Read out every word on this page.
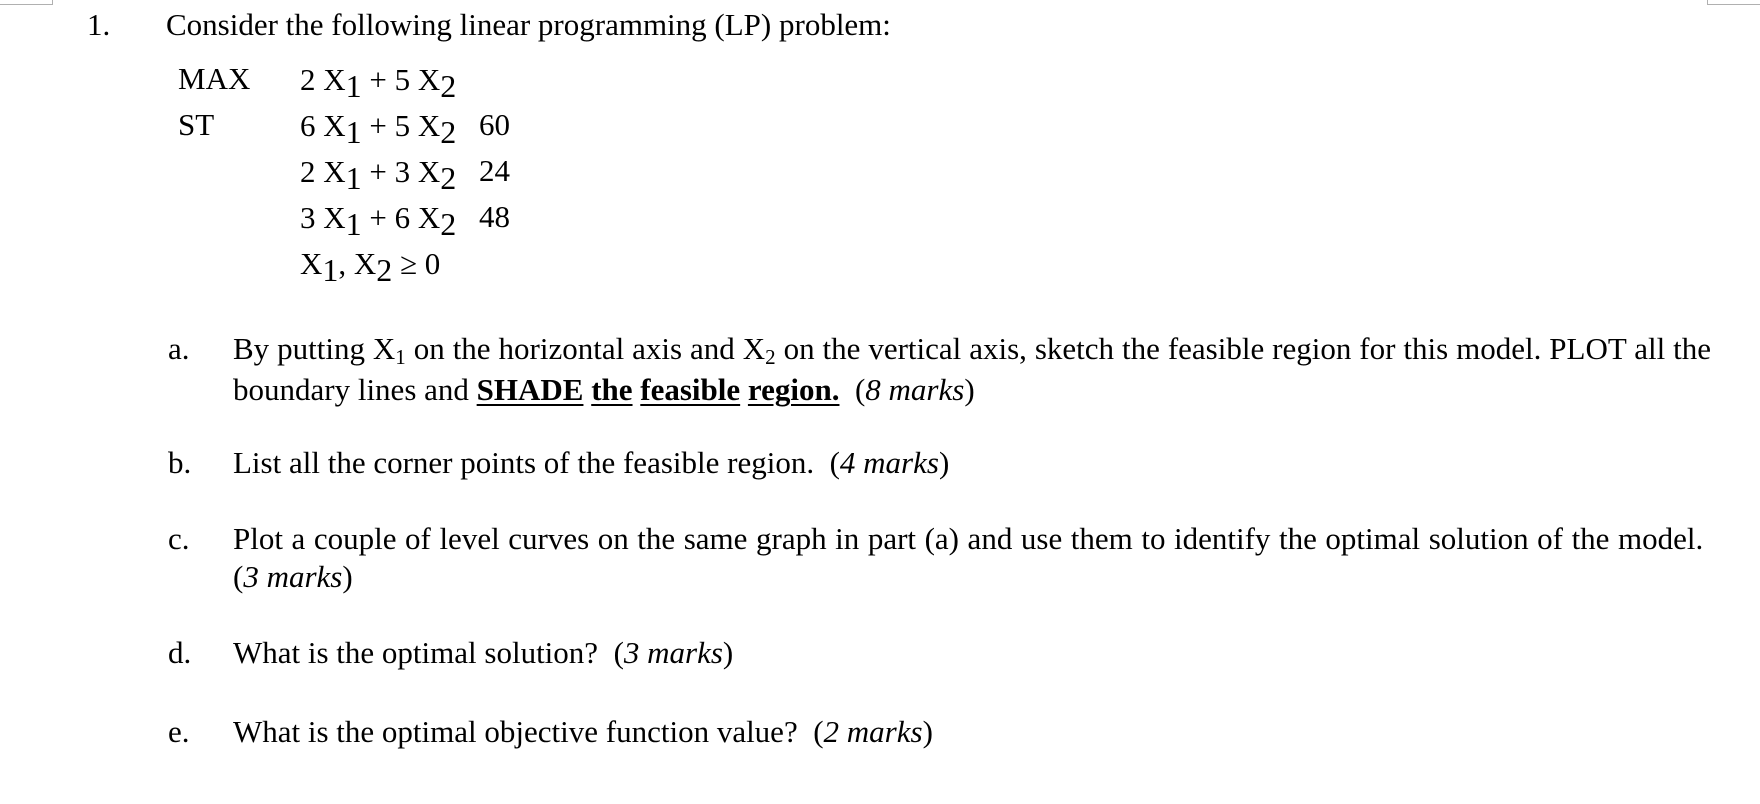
1. Consider the following linear programming (LP) problem:
MAX 2 X1 + 5 X2
ST	6 X1 + 5 X2 60
2 X1 + 3 X2 24
3 X1 + 6 X2 48
X1, X2 ≥ 0
a. By putting X1 on the horizontal axis and X2 on the vertical axis, sketch the feasible region for this model. PLOT all the boundary lines and SHADE the feasible region.  (8 marks)
b. List all the corner points of the feasible region.  (4 marks)
c. Plot a couple of level curves on the same graph in part (a) and use them to identify the optimal solution of the model.  (3 marks)
d. What is the optimal solution?  (3 marks)
e. What is the optimal objective function value?  (2 marks)
